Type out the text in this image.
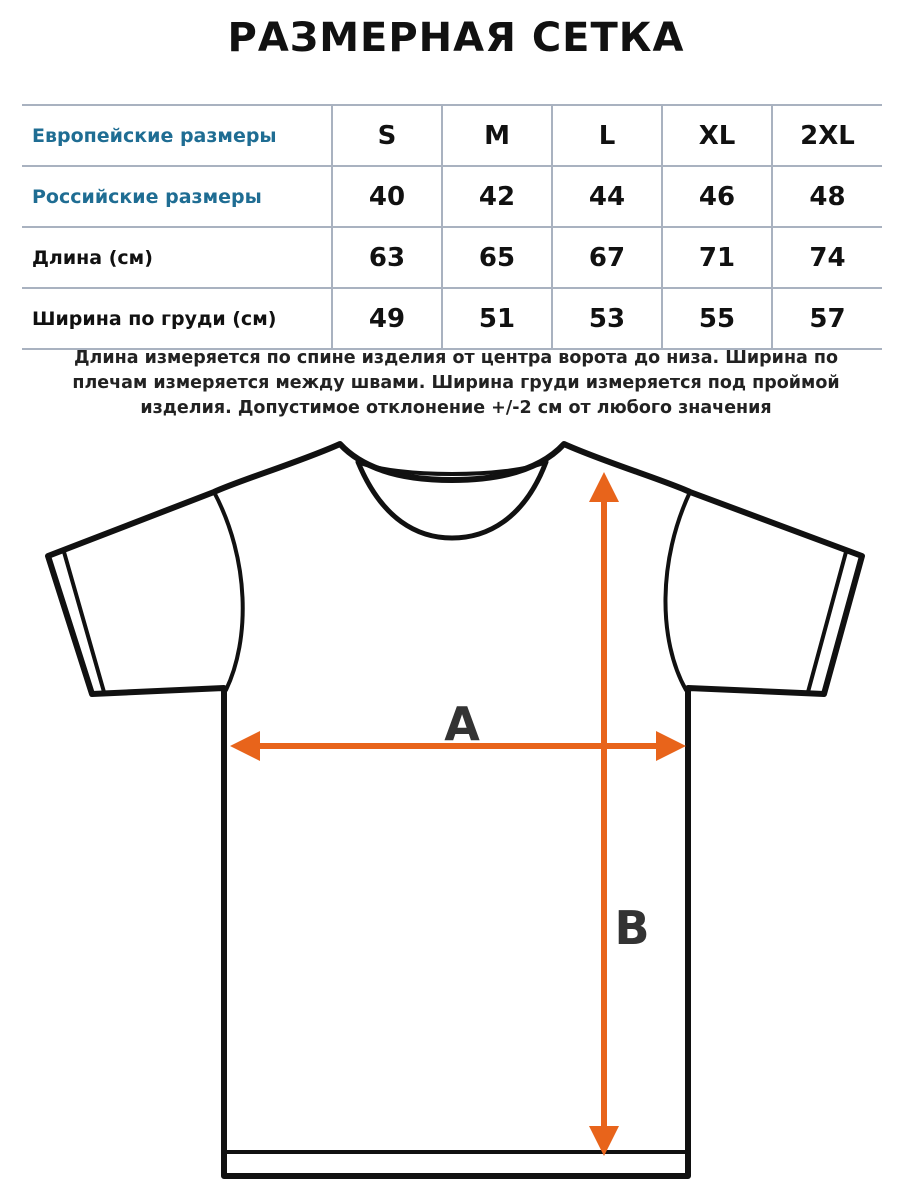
РАЗМЕРНАЯ СЕТКА
Европейские размеры	S	M	L	XL	2XL
Российские размеры	40	42	44	46	48
Длина (см)	63	65	67	71	74
Ширина по груди (см)	49	51	53	55	57
Длина измеряется по спине изделия от центра ворота до низа. Ширина по
плечам измеряется между швами. Ширина груди измеряется под проймой
изделия. Допустимое отклонение +/-2 см от любого значения
A
B
